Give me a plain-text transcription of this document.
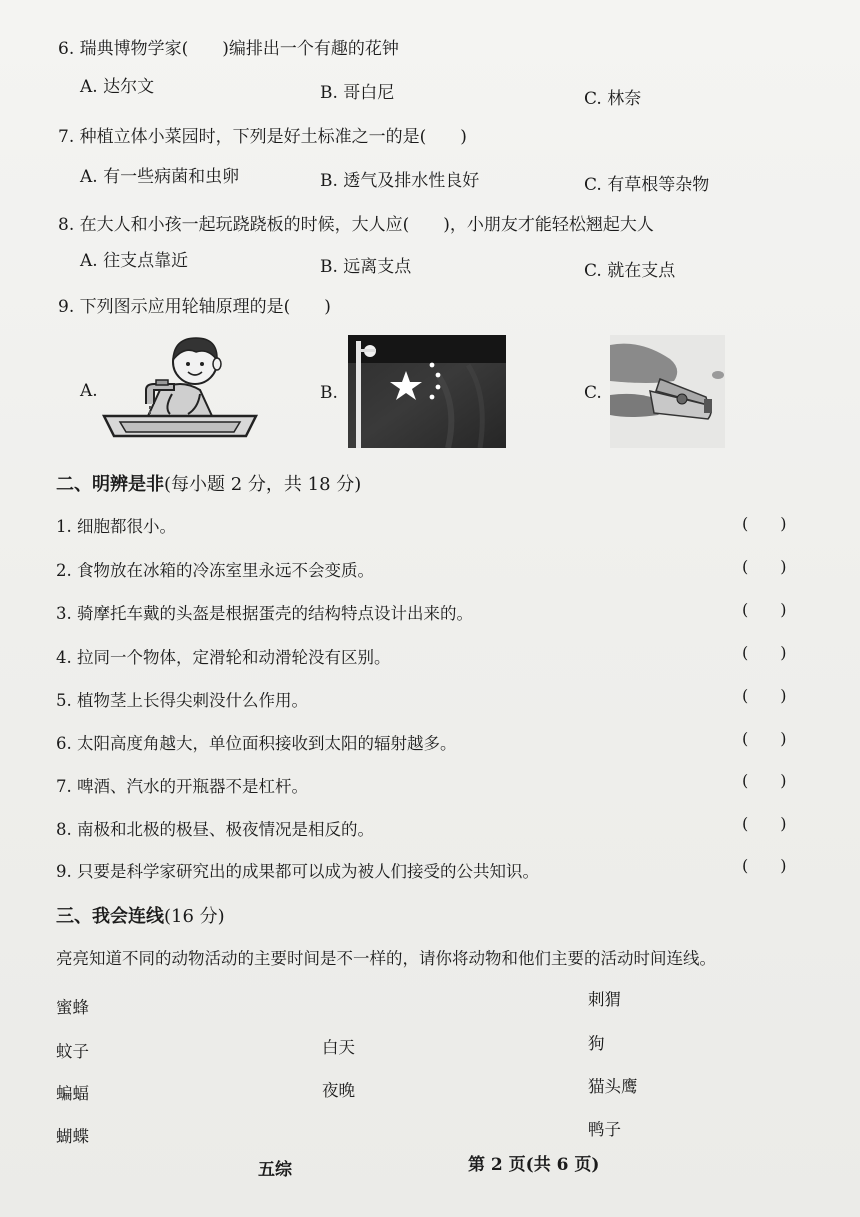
6. 瑞典博物学家(　　)编排出一个有趣的花钟
A. 达尔文	B. 哥白尼	C. 林奈
7. 种植立体小菜园时，下列是好土标准之一的是(　　)
A. 有一些病菌和虫卵	B. 透气及排水性良好	C. 有草根等杂物
8. 在大人和小孩一起玩跷跷板的时候，大人应(　　)，小朋友才能轻松翘起大人
A. 往支点靠近	B. 远离支点	C. 就在支点
9. 下列图示应用轮轴原理的是(　　)
A.	B.	C.
二、明辨是非(每小题 2 分，共 18 分)
1. 细胞都很小。	(　　)
2. 食物放在冰箱的冷冻室里永远不会变质。	(　　)
3. 骑摩托车戴的头盔是根据蛋壳的结构特点设计出来的。	(　　)
4. 拉同一个物体，定滑轮和动滑轮没有区别。	(　　)
5. 植物茎上长得尖刺没什么作用。	(　　)
6. 太阳高度角越大，单位面积接收到太阳的辐射越多。	(　　)
7. 啤酒、汽水的开瓶器不是杠杆。	(　　)
8. 南极和北极的极昼、极夜情况是相反的。	(　　)
9. 只要是科学家研究出的成果都可以成为被人们接受的公共知识。	(　　)
三、我会连线(16 分)
亮亮知道不同的动物活动的主要时间是不一样的，请你将动物和他们主要的活动时间连线。
蜜蜂
蚊子
蝙蝠
蝴蝶
白天
夜晚
刺猬
狗
猫头鹰
鸭子
五综	第 2 页(共 6 页)
